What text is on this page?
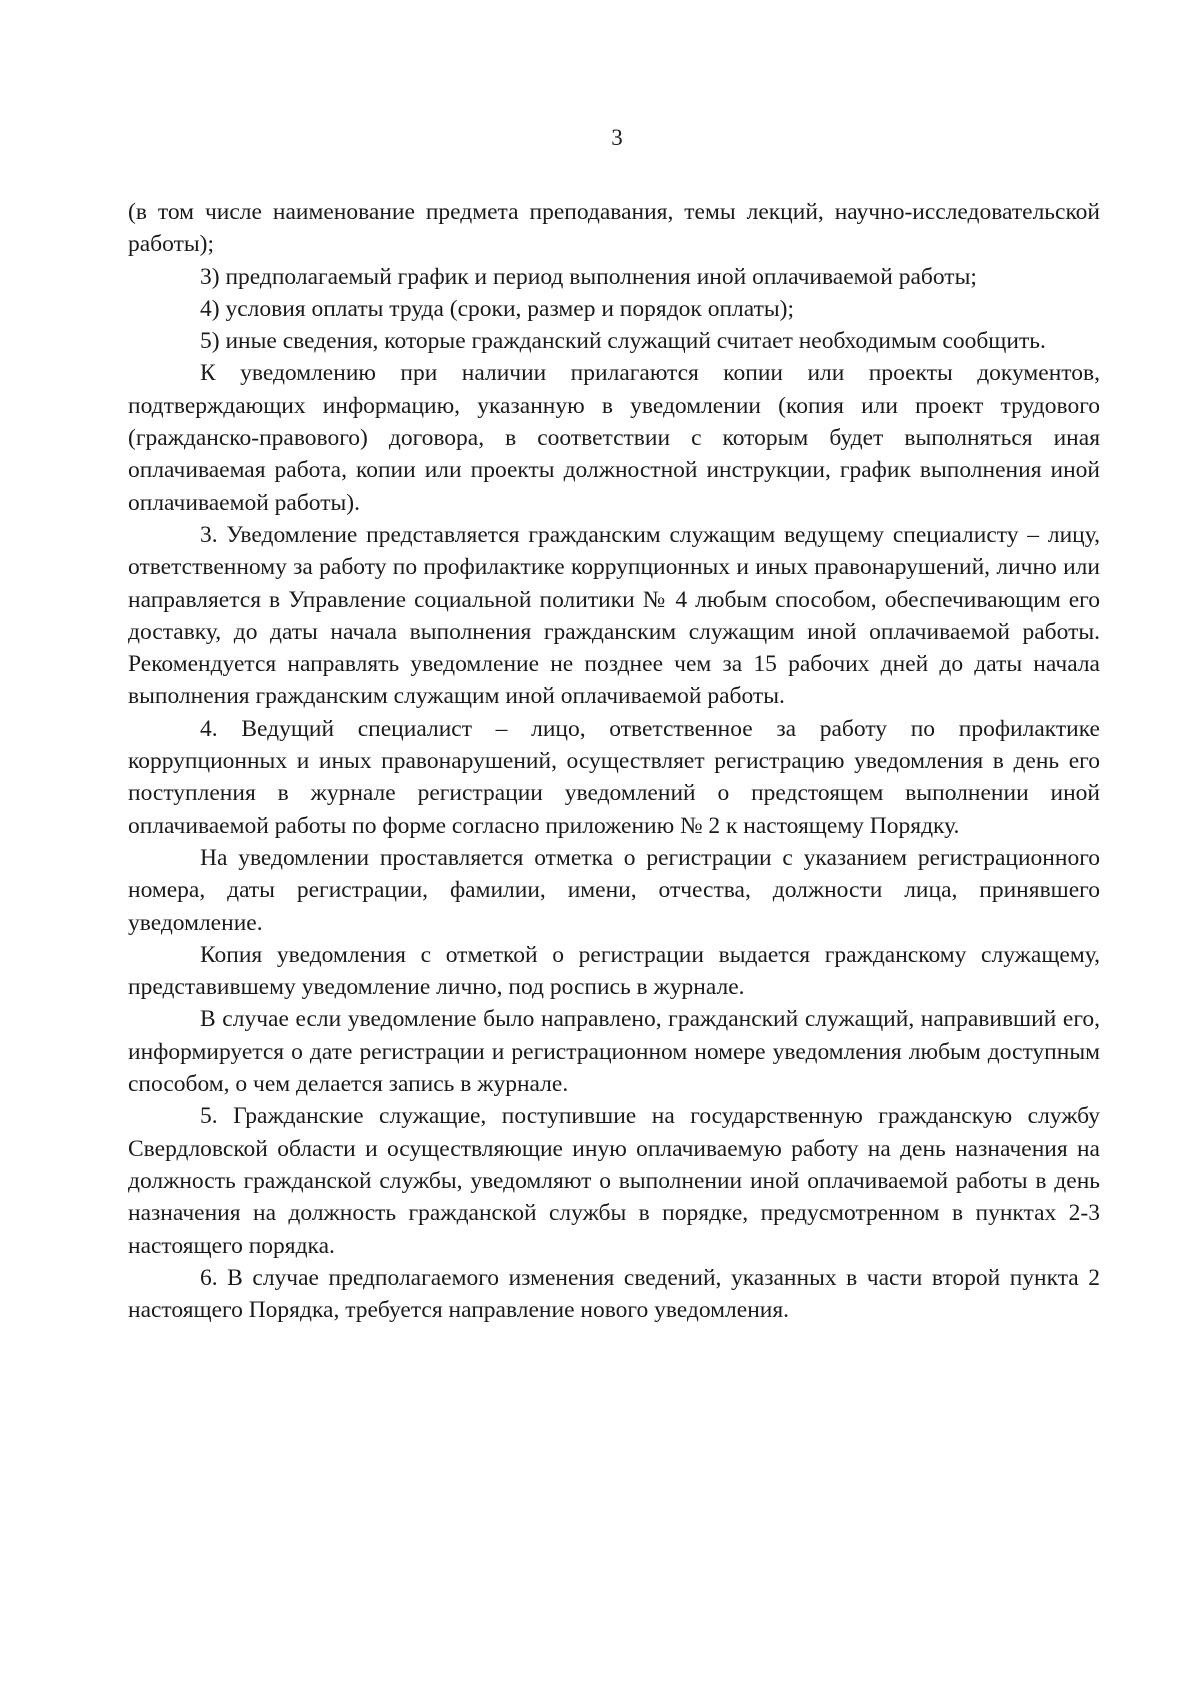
3

(в том числе наименование предмета преподавания, темы лекций, научно-исследовательской работы);

3) предполагаемый график и период выполнения иной оплачиваемой работы;

4) условия оплаты труда (сроки, размер и порядок оплаты);

5) иные сведения, которые гражданский служащий считает необходимым сообщить.

К уведомлению при наличии прилагаются копии или проекты документов, подтверждающих информацию, указанную в уведомлении (копия или проект трудового (гражданско-правового) договора, в соответствии с которым будет выполняться иная оплачиваемая работа, копии или проекты должностной инструкции, график выполнения иной оплачиваемой работы).

3. Уведомление представляется гражданским служащим ведущему специалисту – лицу, ответственному за работу по профилактике коррупционных и иных правонарушений, лично или направляется в Управление социальной политики № 4 любым способом, обеспечивающим его доставку, до даты начала выполнения гражданским служащим иной оплачиваемой работы. Рекомендуется направлять уведомление не позднее чем за 15 рабочих дней до даты начала выполнения гражданским служащим иной оплачиваемой работы.

4. Ведущий специалист – лицо, ответственное за работу по профилактике коррупционных и иных правонарушений, осуществляет регистрацию уведомления в день его поступления в журнале регистрации уведомлений о предстоящем выполнении иной оплачиваемой работы по форме согласно приложению № 2 к настоящему Порядку.

На уведомлении проставляется отметка о регистрации с указанием регистрационного номера, даты регистрации, фамилии, имени, отчества, должности лица, принявшего уведомление.

Копия уведомления с отметкой о регистрации выдается гражданскому служащему, представившему уведомление лично, под роспись в журнале.

В случае если уведомление было направлено, гражданский служащий, направивший его, информируется о дате регистрации и регистрационном номере уведомления любым доступным способом, о чем делается запись в журнале.

5. Гражданские служащие, поступившие на государственную гражданскую службу Свердловской области и осуществляющие иную оплачиваемую работу на день назначения на должность гражданской службы, уведомляют о выполнении иной оплачиваемой работы в день назначения на должность гражданской службы в порядке, предусмотренном в пунктах 2-3 настоящего порядка.

6. В случае предполагаемого изменения сведений, указанных в части второй пункта 2 настоящего Порядка, требуется направление нового уведомления.
